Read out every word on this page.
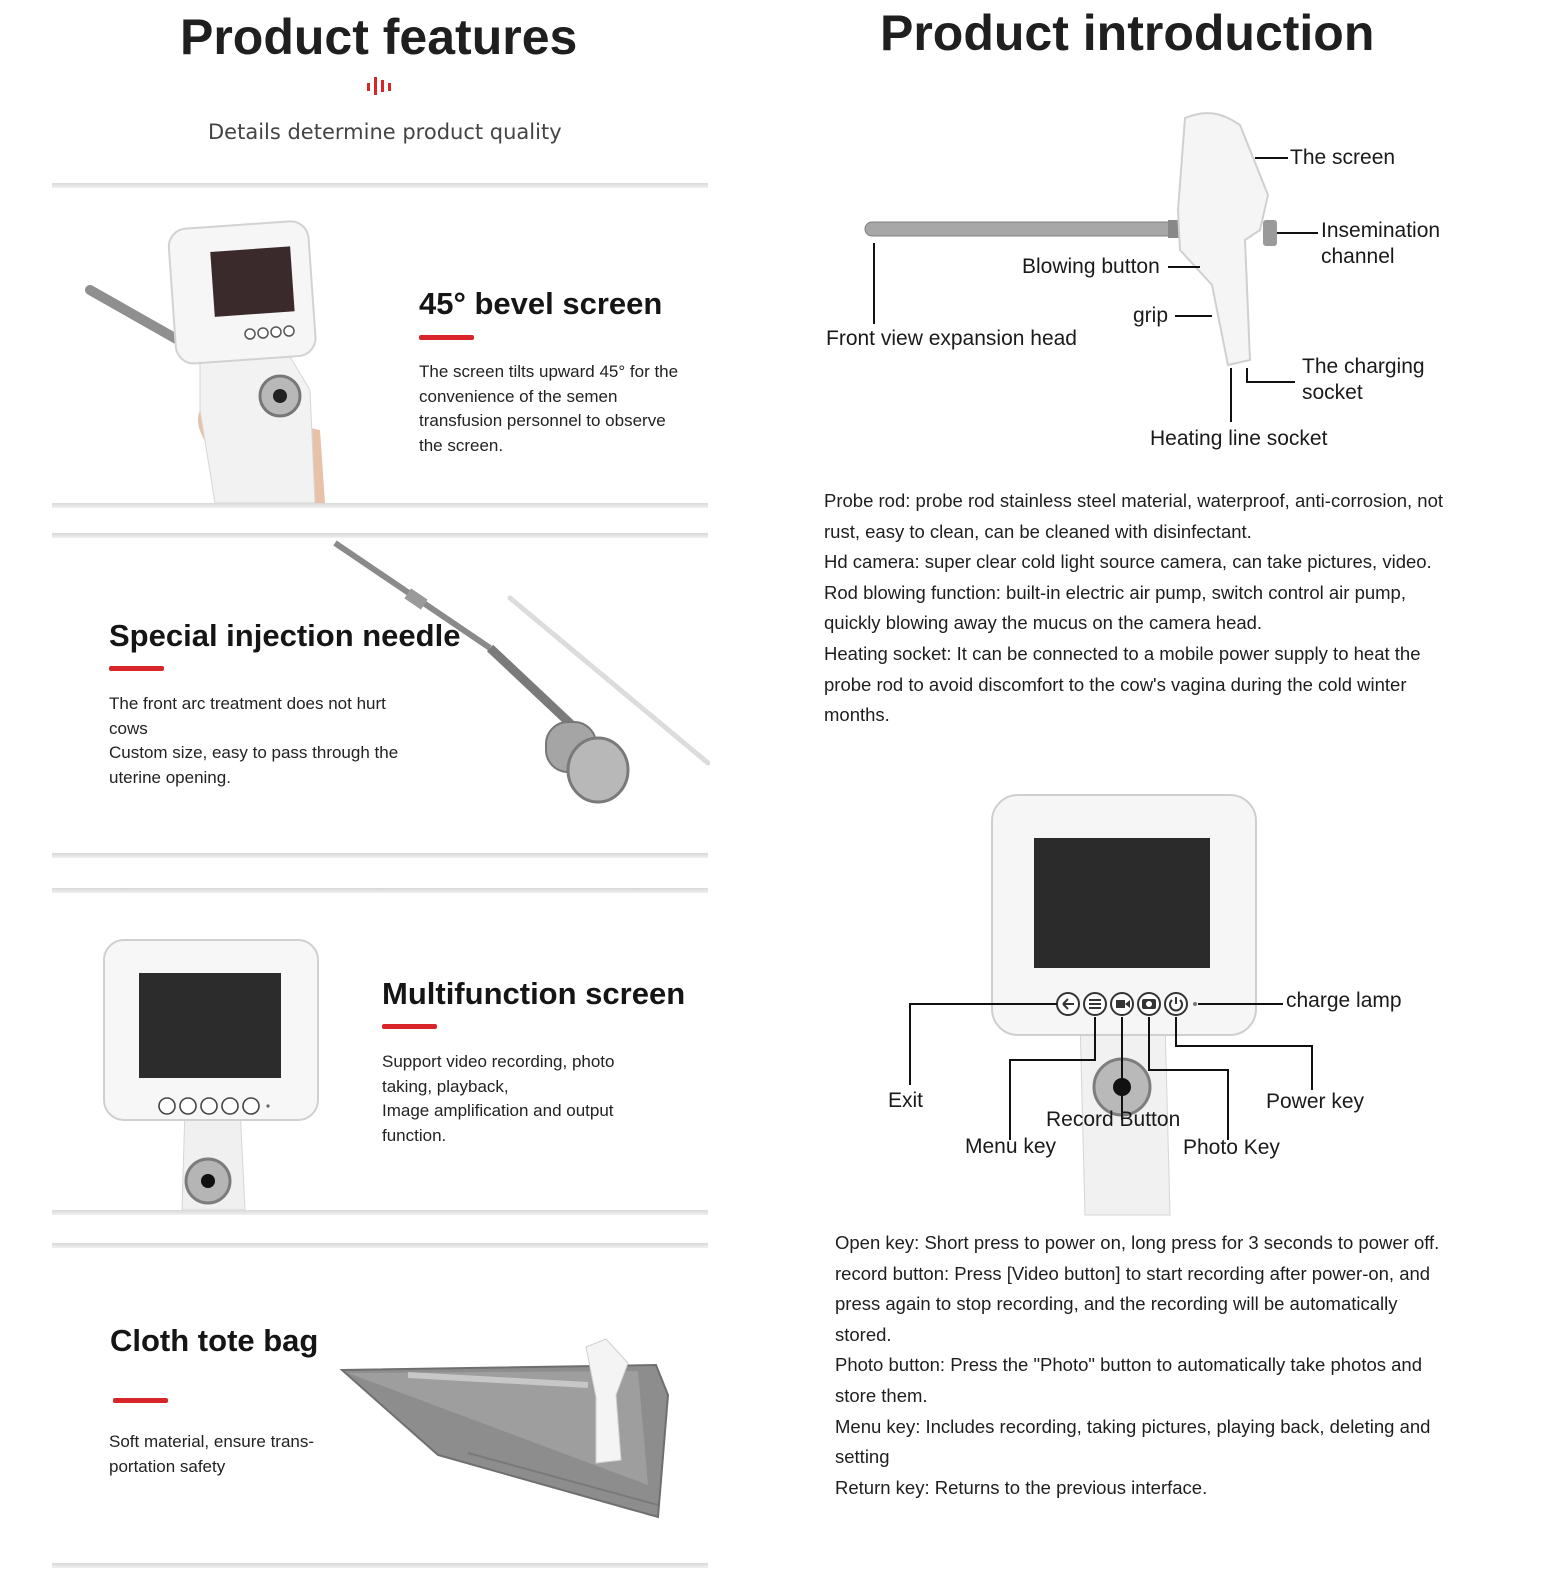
Product features
Details determine product quality
45° bevel screen
The screen tilts upward 45° for the convenience of the semen transfusion personnel to observe the screen.
Special injection needle
The front arc treatment does not hurt cows
Custom size, easy to pass through the uterine opening.
Multifunction screen
Support video recording, photo taking, playback,
Image amplification and output function.
Cloth tote bag
Soft material, ensure trans-portation safety
Product introduction
The screen
Insemination channel
Blowing button
grip
Front view expansion head
The charging socket
Heating line socket

Probe rod: probe rod stainless steel material, waterproof, anti-corrosion, not rust, easy to clean, can be cleaned with disinfectant.

Hd camera: super clear cold light source camera, can take pictures, video.

Rod blowing function: built-in electric air pump, switch control air pump, quickly blowing away the mucus on the camera head.

Heating socket: It can be connected to a mobile power supply to heat the probe rod to avoid discomfort to the cow's vagina during the cold winter months.

charge lamp
Exit	Power key
Record Button
Menu key	Photo Key

Open key: Short press to power on, long press for 3 seconds to power off.

record button: Press [Video button] to start recording after power-on, and press again to stop recording, and the recording will be automatically stored.

Photo button: Press the "Photo" button to automatically take photos and store them.

Menu key: Includes recording, taking pictures, playing back, deleting and setting

Return key: Returns to the previous interface.
